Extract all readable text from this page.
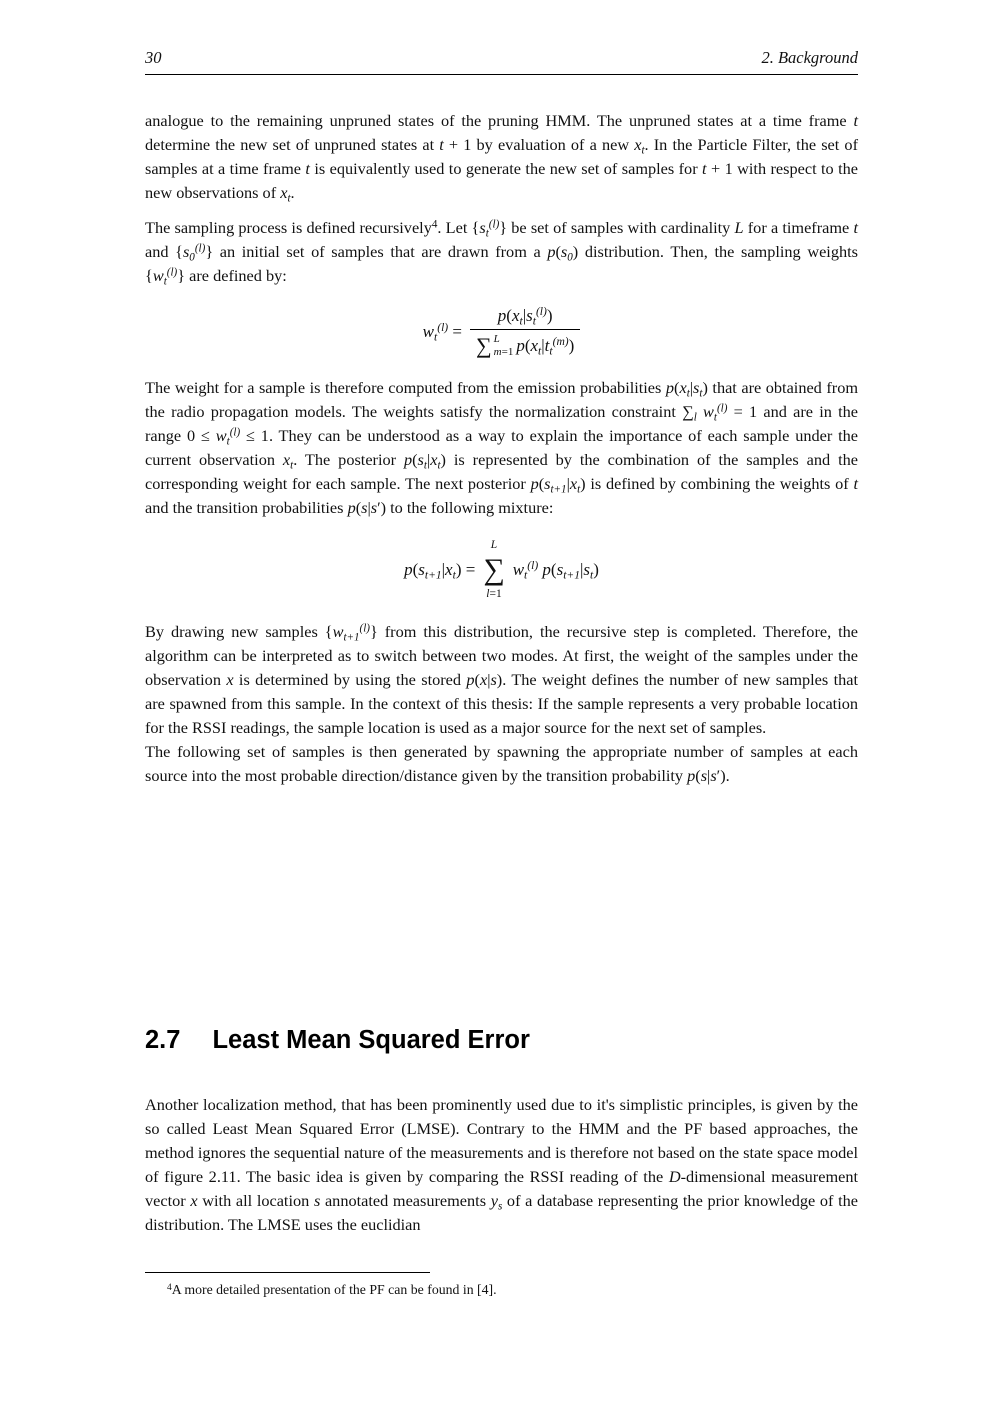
30	2. Background

analogue to the remaining unpruned states of the pruning HMM. The unpruned states at a time frame t determine the new set of unpruned states at t + 1 by evaluation of a new $x_t$. In the Particle Filter, the set of samples at a time frame t is equivalently used to generate the new set of samples for t + 1 with respect to the new observations of $x_t$.

The sampling process is defined recursively$^4$. Let $\{s_t^{(l)}\}$ be set of samples with cardinality L for a timeframe t and $\{s_0^{(l)}\}$ an initial set of samples that are drawn from a $p(s_0)$ distribution. Then, the sampling weights $\{w_t^{(l)}\}$ are defined by:

$w_t^{(l)}$ =
$p(x_t|s_t^{(l)})$
∑ L
m=1 $p(x_t|t_t^{(m)})$

The weight for a sample is therefore computed from the emission probabilities $p(x_t|s_t)$ that are obtained from the radio propagation models. The weights satisfy the normalization constraint $\sum_l$ $w_t^{(l)} = 1$ and are in the range $0 \le w_t^{(l)} \le 1$. They can be understood as a way to explain the importance of each sample under the current observation $x_t$. The posterior $p(s_t|x_t)$ is represented by the combination of the samples and the corresponding weight for each sample. The next posterior $p(s_{t+1}|x_t)$ is defined by combining the weights of t and the transition probabilities p(s|s′) to the following mixture:

$p(s_{t+1}|x_t)$ =
L
∑
l=1
$w_t^{(l)}$ $p(s_{t+1}|s_t)$

By drawing new samples $\{w_{t+1}^{(l)}\}$ from this distribution, the recursive step is completed. Therefore, the algorithm can be interpreted as to switch between two modes. At first, the weight of the samples under the observation x is determined by using the stored p(x|s). The weight defines the number of new samples that are spawned from this sample. In the context of this thesis: If the sample represents a very probable location for the RSSI readings, the sample location is used as a major source for the next set of samples.

The following set of samples is then generated by spawning the appropriate number of samples at each source into the most probable direction/distance given by the transition probability p(s|s′).

2.7 Least Mean Squared Error

Another localization method, that has been prominently used due to it's simplistic principles, is given by the so called Least Mean Squared Error (LMSE). Contrary to the HMM and the PF based approaches, the method ignores the sequential nature of the measurements and is therefore not based on the state space model of figure 2.11. The basic idea is given by comparing the RSSI reading of the D-dimensional measurement vector x with all location s annotated measurements $y_s$ of a database representing the prior knowledge of the distribution. The LMSE uses the euclidian

$^4$A more detailed presentation of the PF can be found in [4].
